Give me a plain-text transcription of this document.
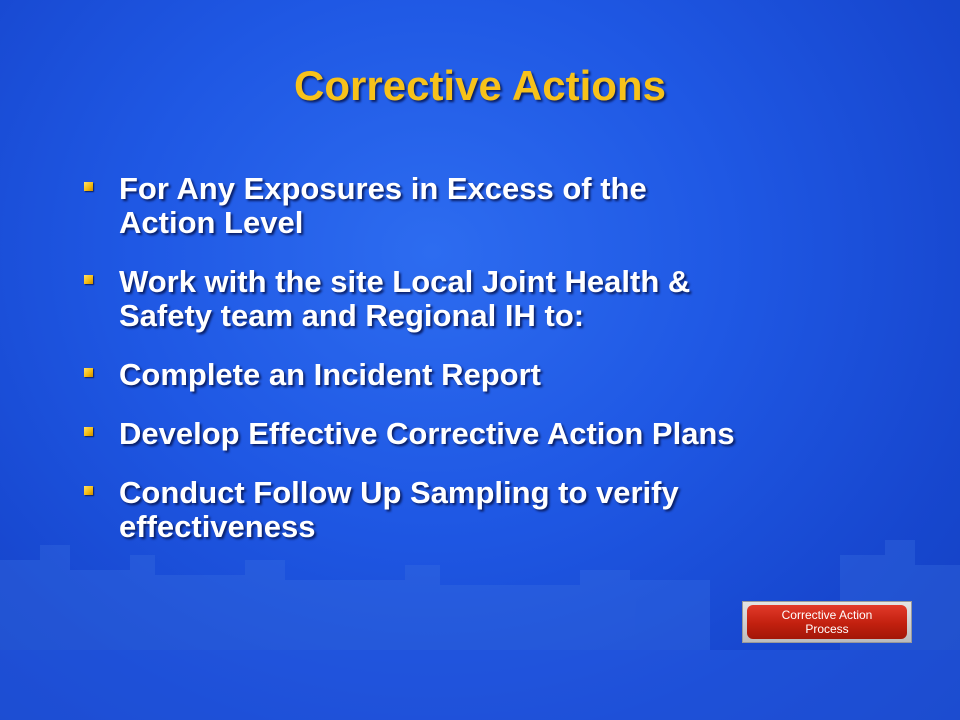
Corrective Actions
For Any Exposures in Excess of the
Action Level
Work with the site Local Joint Health &
Safety team and Regional IH to:
Complete an Incident Report
Develop Effective Corrective Action Plans
Conduct Follow Up Sampling to verify
effectiveness
Corrective Action
Process
